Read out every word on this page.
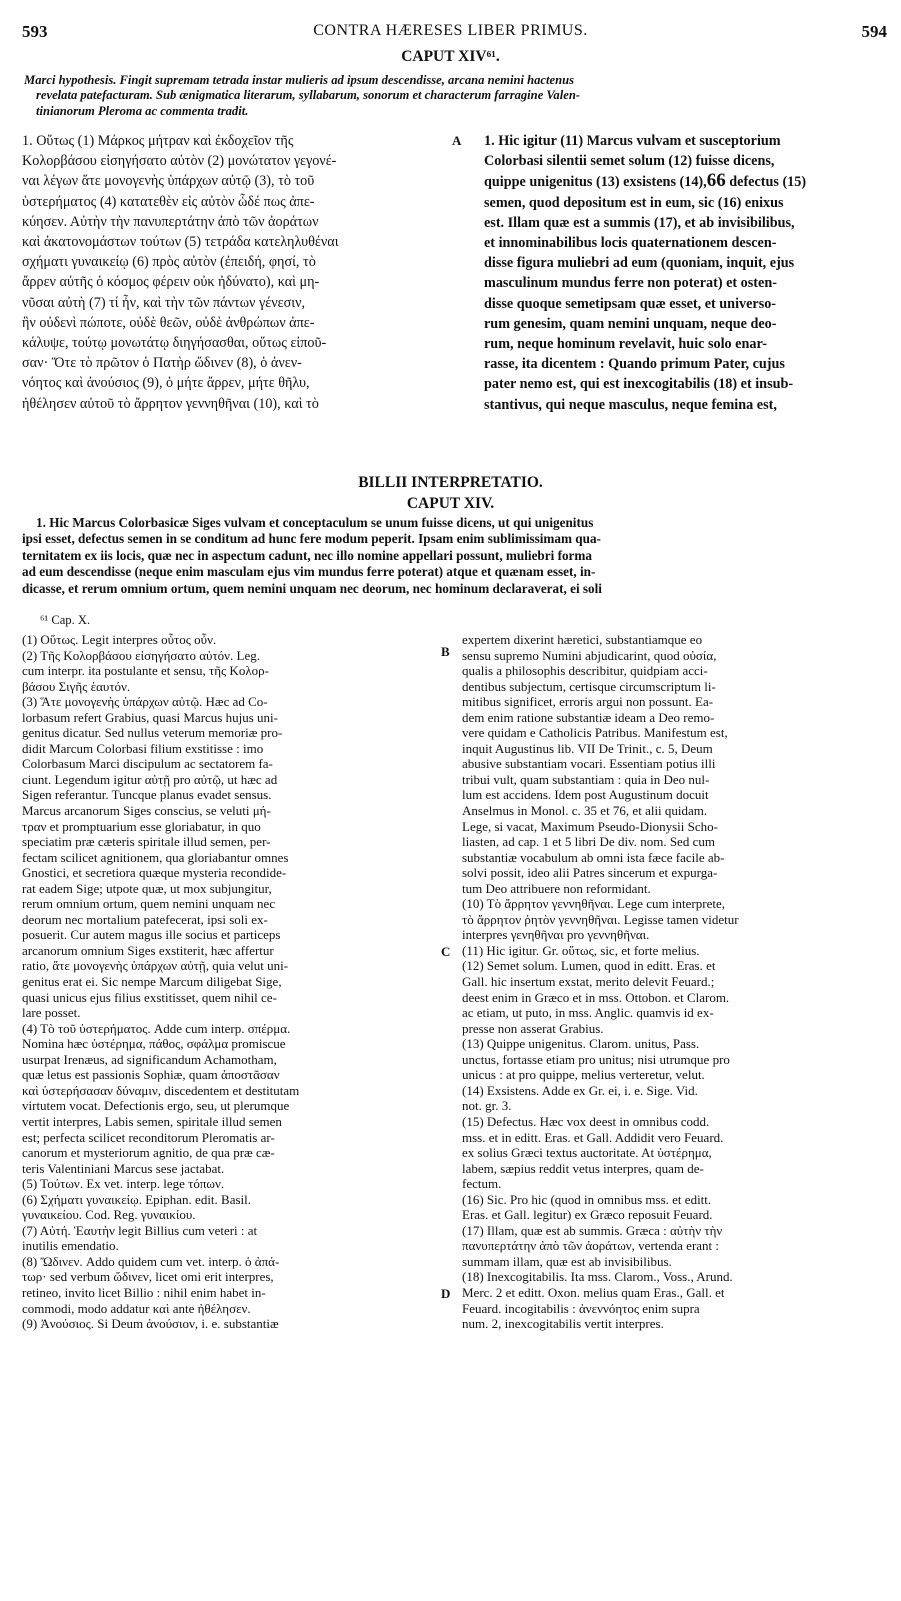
593	CONTRA HÆRESES LIBER PRIMUS.	594
CAPUT XIV⁶¹.
Marci hypothesis. Fingit supremam tetrada instar mulieris ad ipsum descendisse, arcana nemini hactenus
revelata patefacturam. Sub ænigmatica literarum, syllabarum, sonorum et characterum farragine Valen-
tinianorum Pleroma ac commenta tradit.
1. Οὕτως (1) Μάρκος μήτραν καὶ ἐκδοχεῖον τῆς
Κολορβάσου εἰσηγήσατο αὐτὸν (2) μονώτατον γεγονέ-
ναι λέγων ἅτε μονογενὴς ὑπάρχων αὐτῷ (3), τὸ τοῦ
ὑστερήματος (4) κατατεθὲν εἰς αὐτὸν ὧδέ πως ἀπε-
κύησεν. Αὐτὴν τὴν πανυπερτάτην ἀπὸ τῶν ἀοράτων
καὶ ἀκατονομάστων τούτων (5) τετράδα κατεληλυθέναι
σχήματι γυναικείῳ (6) πρὸς αὐτὸν (ἐπειδή, φησί, τὸ
ἄρρεν αὐτῆς ὁ κόσμος φέρειν οὐκ ἠδύνατο), καὶ μη-
νῦσαι αὐτὴ (7) τί ἦν, καὶ τὴν τῶν πάντων γένεσιν,
ἣν οὐδενὶ πώποτε, οὐδὲ θεῶν, οὐδὲ ἀνθρώπων ἀπε-
κάλυψε, τούτῳ μονωτάτῳ διηγήσασθαι, οὕτως εἰποῦ-
σαν· Ὅτε τὸ πρῶτον ὁ Πατὴρ ὤδινεν (8), ὁ ἀνεν-
νόητος καὶ ἀνούσιος (9), ὁ μήτε ἄρρεν, μήτε θῆλυ,
ἠθέλησεν αὐτοῦ τὸ ἄρρητον γεννηθῆναι (10), καὶ τὸ
A 1. Hic igitur (11) Marcus vulvam et susceptorium
Colorbasi silentii semet solum (12) fuisse dicens,
quippe unigenitus (13) exsistens (14),66 defectus (15)
semen, quod depositum est in eum, sic (16) enixus
est. Illam quæ est a summis (17), et ab invisibilibus,
et innominabilibus locis quaternationem descen-
disse figura muliebri ad eum (quoniam, inquit, ejus
masculinum mundus ferre non poterat) et osten-
disse quoque semetipsam quæ esset, et universo-
rum genesim, quam nemini unquam, neque deo-
rum, neque hominum revelavit, huic solo enar-
rasse, ita dicentem : Quando primum Pater, cujus
pater nemo est, qui est inexcogitabilis (18) et insub-
stantivus, qui neque masculus, neque femina est,
BILLII INTERPRETATIO.
CAPUT XIV.
1. Hic Marcus Colorbasicæ Siges vulvam et conceptaculum se unum fuisse dicens, ut qui unigenitus
ipsi esset, defectus semen in se conditum ad hunc fere modum peperit. Ipsam enim sublimissimam qua-
ternitatem ex iis locis, quæ nec in aspectum cadunt, nec illo nomine appellari possunt, muliebri forma
ad eum descendisse (neque enim masculam ejus vim mundus ferre poterat) atque et quænam esset, in-
dicasse, et rerum omnium ortum, quem nemini unquam nec deorum, nec hominum declaraverat, ei soli
⁶¹ Cap. X.
(1) Οὕτως. Legit interpres οὗτος οὖν.
(2) Τῆς Κολορβάσου εἰσηγήσατο αὐτόν. Leg.
cum interpr. ita postulante et sensu, τῆς Κολορ-
βάσου Σιγῆς ἑαυτόν.
(3) Ἅτε μονογενὴς ὑπάρχων αὐτῷ. Hæc ad Co-
lorbasum refert Grabius, quasi Marcus hujus uni-
genitus dicatur. Sed nullus veterum memoriæ pro-
didit Marcum Colorbasi filium exstitisse : imo
Colorbasum Marci discipulum ac sectatorem fa-
ciunt. Legendum igitur αὐτῇ pro αὐτῷ, ut hæc ad
Sigen referantur. Tuncque planus evadet sensus.
Marcus arcanorum Siges conscius, se veluti μή-
τραν et promptuarium esse gloriabatur, in quo
speciatim præ cæteris spiritale illud semen, per-
fectam scilicet agnitionem, qua gloriabantur omnes
Gnostici, et secretiora quæque mysteria recondide-
rat eadem Sige; utpote quæ, ut mox subjungitur,
rerum omnium ortum, quem nemini unquam nec
deorum nec mortalium patefecerat, ipsi soli ex-
posuerit. Cur autem magus ille socius et particeps
arcanorum omnium Siges exstiterit, hæc affertur
ratio, ἅτε μονογενὴς ὑπάρχων αὐτῇ, quia velut uni-
genitus erat ei. Sic nempe Marcum diligebat Sige,
quasi unicus ejus filius exstitisset, quem nihil ce-
lare posset.
(4) Τὸ τοῦ ὑστερήματος. Adde cum interp. σπέρμα.
Nomina hæc ὑστέρημα, πάθος, σφάλμα promiscue
usurpat Irenæus, ad significandum Achamotham,
quæ letus est passionis Sophiæ, quam ἀποστᾶσαν
καὶ ὑστερήσασαν δύναμιν, discedentem et destitutam
virtutem vocat. Defectionis ergo, seu, ut plerumque
vertit interpres, Labis semen, spiritale illud semen
est; perfecta scilicet reconditorum Pleromatis ar-
canorum et mysteriorum agnitio, de qua præ cæ-
teris Valentiniani Marcus sese jactabat.
(5) Τούτων. Ex vet. interp. lege τόπων.
(6) Σχήματι γυναικείῳ. Epiphan. edit. Basil.
γυναικείου. Cod. Reg. γυναικίου.
(7) Αὐτή. Ἑαυτὴν legit Billius cum veteri : at
inutilis emendatio.
(8) Ὤδινεν. Addo quidem cum vet. interp. ὁ ἀπά-
τωρ· sed verbum ὤδινεν, licet omi erit interpres,
retineo, invito licet Billio : nihil enim habet in-
commodi, modo addatur καὶ ante ἠθέλησεν.
(9) Ἀνούσιος. Si Deum ἀνούσιον, i. e. substantiæ
B
C
D
expertem dixerint hæretici, substantiamque eo
sensu supremo Numini abjudicarint, quod οὐσία,
qualis a philosophis describitur, quidpiam acci-
dentibus subjectum, certisque circumscriptum li-
mitibus significet, erroris argui non possunt. Ea-
dem enim ratione substantiæ ideam a Deo remo-
vere quidam e Catholicis Patribus. Manifestum est,
inquit Augustinus lib. VII De Trinit., c. 5, Deum
abusive substantiam vocari. Essentiam potius illi
tribui vult, quam substantiam : quia in Deo nul-
lum est accidens. Idem post Augustinum docuit
Anselmus in Monol. c. 35 et 76, et alii quidam.
Lege, si vacat, Maximum Pseudo-Dionysii Scho-
liasten, ad cap. 1 et 5 libri De div. nom. Sed cum
substantiæ vocabulum ab omni ista fæce facile ab-
solvi possit, ideo alii Patres sincerum et expurga-
tum Deo attribuere non reformidant.
(10) Τὸ ἄρρητον γεννηθῆναι. Lege cum interprete,
τὸ ἄρρητον ῥητὸν γεννηθῆναι. Legisse tamen videtur
interpres γενηθῆναι pro γεννηθῆναι.
(11) Hic igitur. Gr. οὕτως, sic, et forte melius.
(12) Semet solum. Lumen, quod in editt. Eras. et
Gall. hic insertum exstat, merito delevit Feuard.;
deest enim in Græco et in mss. Ottobon. et Clarom.
ac etiam, ut puto, in mss. Anglic. quamvis id ex-
presse non asserat Grabius.
(13) Quippe unigenitus. Clarom. unitus, Pass.
unctus, fortasse etiam pro unitus; nisi utrumque pro
unicus : at pro quippe, melius verteretur, velut.
(14) Exsistens. Adde ex Gr. ei, i. e. Sige. Vid.
not. gr. 3.
(15) Defectus. Hæc vox deest in omnibus codd.
mss. et in editt. Eras. et Gall. Addidit vero Feuard.
ex solius Græci textus auctoritate. At ὑστέρημα,
labem, sæpius reddit vetus interpres, quam de-
fectum.
(16) Sic. Pro hic (quod in omnibus mss. et editt.
Eras. et Gall. legitur) ex Græco reposuit Feuard.
(17) Illam, quæ est ab summis. Græca : αὐτὴν τὴν
πανυπερτάτην ἀπὸ τῶν ἀοράτων, vertenda erant :
summam illam, quæ est ab invisibilibus.
(18) Inexcogitabilis. Ita mss. Clarom., Voss., Arund.
Merc. 2 et editt. Oxon. melius quam Eras., Gall. et
Feuard. incogitabilis : ἀνεννόητος enim supra
num. 2, inexcogitabilis vertit interpres.
